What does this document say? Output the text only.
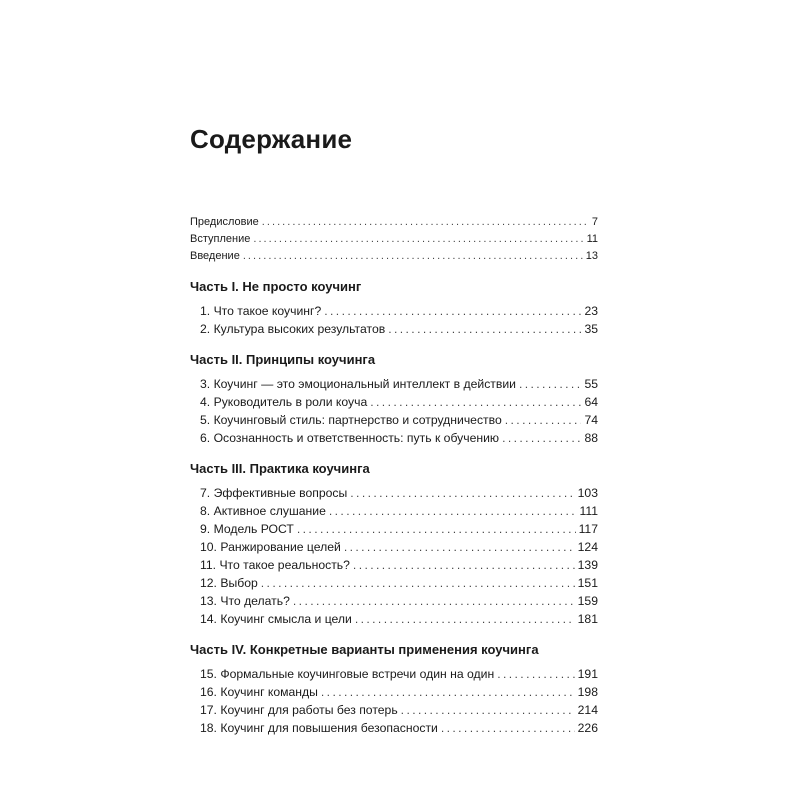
Содержание
Предисловие . . .	7
Вступление . . .	11
Введение . . .	13
Часть I. Не просто коучинг
1. Что такое коучинг? . . .	23
2. Культура высоких результатов . . .	35
Часть II. Принципы коучинга
3. Коучинг — это эмоциональный интеллект в действии . . .	55
4. Руководитель в роли коуча . . .	64
5. Коучинговый стиль: партнерство и сотрудничество . . .	74
6. Осознанность и ответственность: путь к обучению . . .	88
Часть III. Практика коучинга
7. Эффективные вопросы . . .	103
8. Активное слушание . . .	111
9. Модель РОСТ . . .	117
10. Ранжирование целей . . .	124
11. Что такое реальность? . . .	139
12. Выбор . . .	151
13. Что делать? . . .	159
14. Коучинг смысла и цели . . .	181
Часть IV. Конкретные варианты применения коучинга
15. Формальные коучинговые встречи один на один . . .	191
16. Коучинг команды . . .	198
17. Коучинг для работы без потерь . . .	214
18. Коучинг для повышения безопасности . . .	226
